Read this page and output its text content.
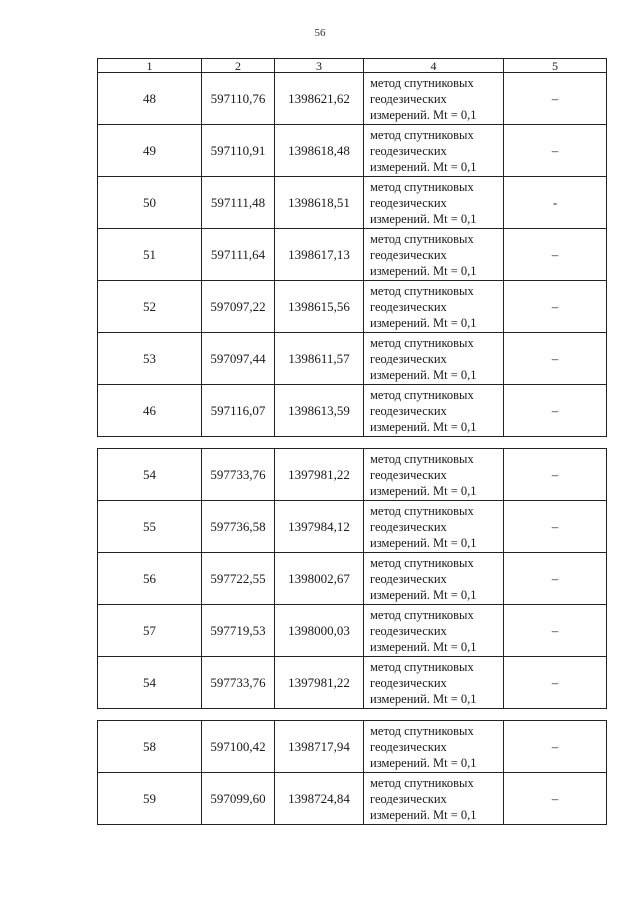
56
1	2	3	4	5
48	597110,76	1398621,62	метод спутниковых
геодезических
измерений. Mt = 0,1	–
49	597110,91	1398618,48	метод спутниковых
геодезических
измерений. Mt = 0,1	–
50	597111,48	1398618,51	метод спутниковых
геодезических
измерений. Mt = 0,1	-
51	597111,64	1398617,13	метод спутниковых
геодезических
измерений. Mt = 0,1	–
52	597097,22	1398615,56	метод спутниковых
геодезических
измерений. Mt = 0,1	–
53	597097,44	1398611,57	метод спутниковых
геодезических
измерений. Mt = 0,1	–
46	597116,07	1398613,59	метод спутниковых
геодезических
измерений. Mt = 0,1	–

54	597733,76	1397981,22	метод спутниковых
геодезических
измерений. Mt = 0,1	–
55	597736,58	1397984,12	метод спутниковых
геодезических
измерений. Mt = 0,1	–
56	597722,55	1398002,67	метод спутниковых
геодезических
измерений. Mt = 0,1	–
57	597719,53	1398000,03	метод спутниковых
геодезических
измерений. Mt = 0,1	–
54	597733,76	1397981,22	метод спутниковых
геодезических
измерений. Mt = 0,1	–

58	597100,42	1398717,94	метод спутниковых
геодезических
измерений. Mt = 0,1	–
59	597099,60	1398724,84	метод спутниковых
геодезических
измерений. Mt = 0,1	–
